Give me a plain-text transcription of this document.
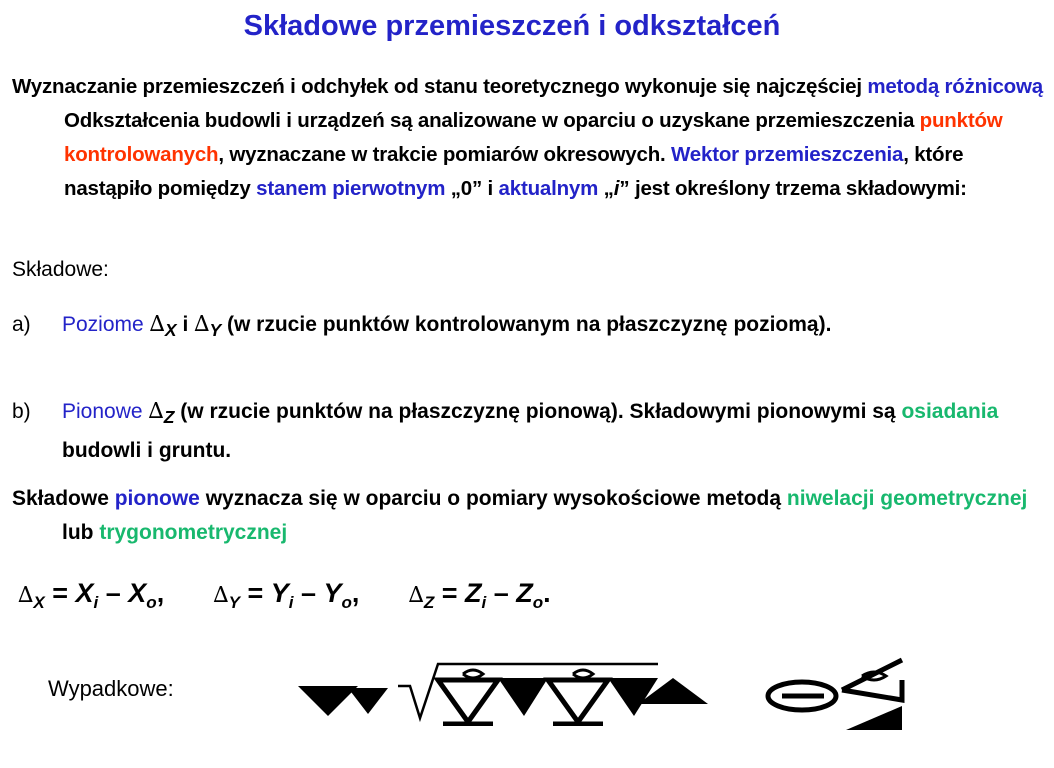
Składowe przemieszczeń i odkształceń
Wyznaczanie przemieszczeń i odchyłek od stanu teoretycznego wykonuje się najczęściej metodą różnicową Odkształcenia budowli i urządzeń są analizowane w oparciu o uzyskane przemieszczenia punktów kontrolowanych, wyznaczane w trakcie pomiarów okresowych. Wektor przemieszczenia, które nastąpiło pomiędzy stanem pierwotnym „0” i aktualnym „i” jest określony trzema składowymi:
Składowe:
a)	Poziome $\Delta_X$ i $\Delta_Y$ (w rzucie punktów kontrolowanym na płaszczyznę poziomą).
b)	Pionowe $\Delta_Z$ (w rzucie punktów na płaszczyznę pionową). Składowymi pionowymi są osiadania budowli i gruntu.
Składowe pionowe wyznacza się w oparciu o pomiary wysokościowe metodą niwelacji geometrycznej lub trygonometrycznej
$\Delta_X = X_i - X_o$, $\Delta_Y = Y_i - Y_o$, $\Delta_Z = Z_i - Z_o$.
Wypadkowe:
